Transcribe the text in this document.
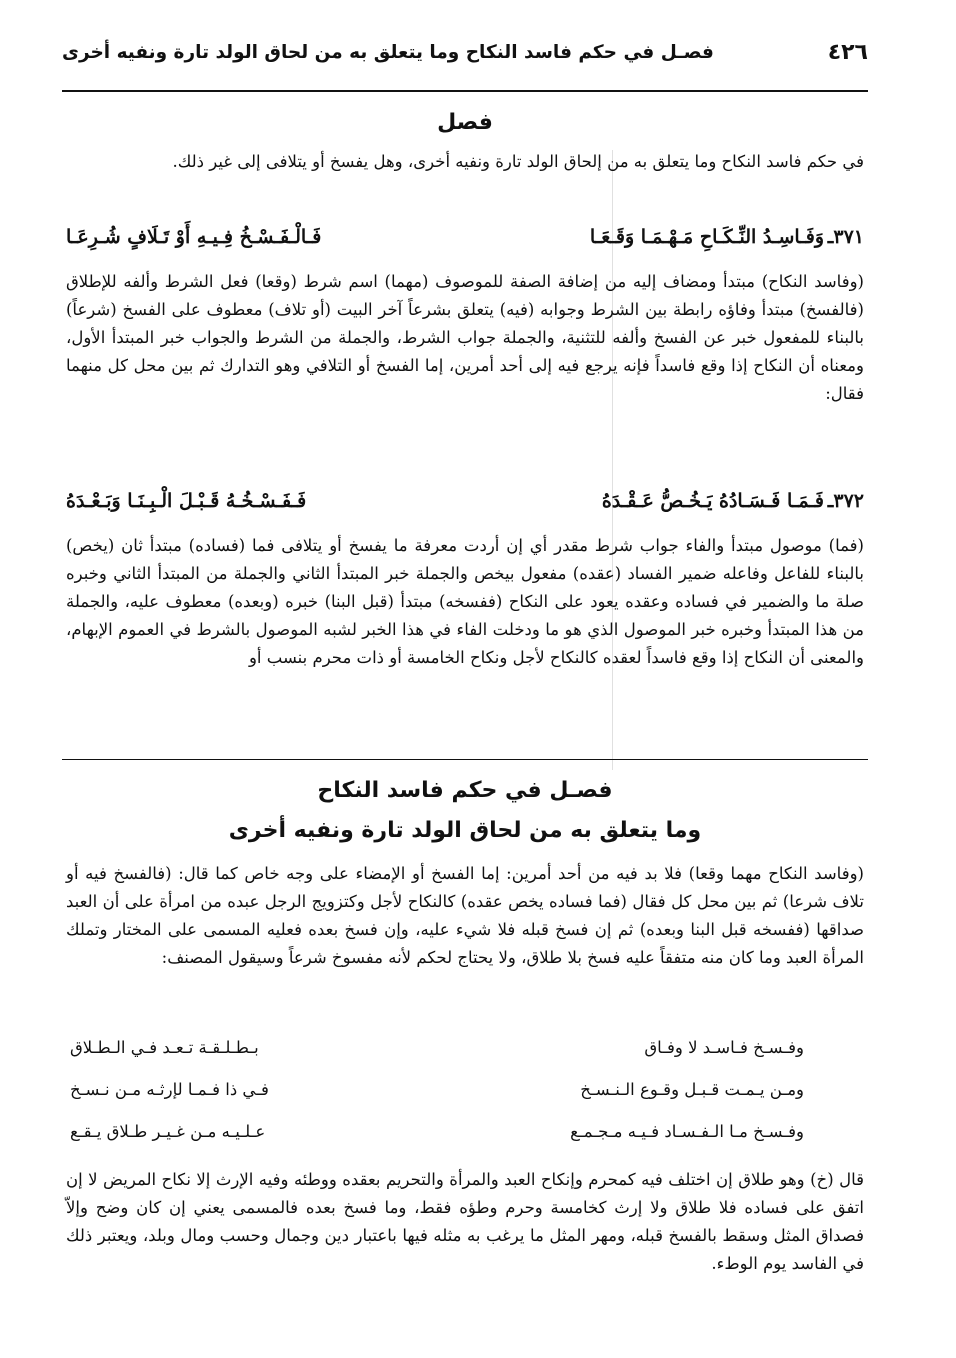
٤٢٦
فصـل في حكم فاسد النكاح وما يتعلق به من لحاق الولد تارة ونفيه أخرى
فصل
في حكم فاسد النكاح وما يتعلق به من إلحاق الولد تارة ونفيه أخرى، وهل يفسخ أو يتلافى إلى غير ذلك.
٣٧١ـ
وَفَـاسِـدُ النِّـكَـاحِ مَـهْـمَـا وَقَـعَـا
فَـالْـفَـسْـخُ فِـيـهِ أَوْ تَـلَافٍ شُـرِعَـا
(وفاسد النكاح) مبتدأ ومضاف إليه من إضافة الصفة للموصوف (مهما) اسم شرط (وقعا) فعل الشرط وألفه للإطلاق (فالفسخ) مبتدأ وفاؤه رابطة بين الشرط وجوابه (فيه) يتعلق بشرعاً آخر البيت (أو تلاف) معطوف على الفسخ (شرعاً) بالبناء للمفعول خبر عن الفسخ وألفه للتثنية، والجملة جواب الشرط، والجملة من الشرط والجواب خبر المبتدأ الأول، ومعناه أن النكاح إذا وقع فاسداً فإنه يرجع فيه إلى أحد أمرين، إما الفسخ أو التلافي وهو التدارك ثم بين محل كل منهما فقال:
٣٧٢ـ
فَـمَـا فَـسَـادُهُ يَـخُـصُّ عَـقْـدَهُ
فَـفَـسْـخُـهُ قَـبْـلَ الْـبِـنَـا وَبَـعْـدَهُ
(فما) موصول مبتدأ والفاء جواب شرط مقدر أي إن أردت معرفة ما يفسخ أو يتلافى فما (فساده) مبتدأ ثان (يخص) بالبناء للفاعل وفاعله ضمير الفساد (عقده) مفعول بيخص والجملة خبر المبتدأ الثاني والجملة من المبتدأ الثاني وخبره صلة ما والضمير في فساده وعقده يعود على النكاح (ففسخه) مبتدأ (قبل البنا) خبره (وبعده) معطوف عليه، والجملة من هذا المبتدأ وخبره خبر الموصول الذي هو ما ودخلت الفاء في هذا الخبر لشبه الموصول بالشرط في العموم الإبهام، والمعنى أن النكاح إذا وقع فاسداً لعقده كالنكاح لأجل ونكاح الخامسة أو ذات محرم بنسب أو
فصـل في حكم فاسد النكاح
وما يتعلق به من لحاق الولد تارة ونفيه أخرى
(وفاسد النكاح مهما وقعا) فلا بد فيه من أحد أمرين: إما الفسخ أو الإمضاء على وجه خاص كما قال: (فالفسخ فيه أو تلاف شرعا) ثم بين محل كل فقال (فما فساده يخص عقده) كالنكاح لأجل وكتزويج الرجل عبده من امرأة على أن العبد صداقها (ففسخه قبل البنا وبعده) ثم إن فسخ قبله فلا شيء عليه، وإن فسخ بعده فعليه المسمى على المختار وتملك المرأة العبد وما كان منه متفقاً عليه فسخ بلا طلاق، ولا يحتاج لحكم لأنه مفسوخ شرعاً وسيقول المصنف:
وفـسـخ فـاسـد لا وفـاق
بـطـلـقـة تـعـد فـي الـطـلاق
ومـن يـمـت قـبـل وقـوع الـنـسـخ
فـي ذا فـمـا لإرثـه مـن نـسـخ
وفـسـخ مـا الـفـسـاد فـيـه مـجـمـع
عـلـيـه مـن غـيـر طـلاق يـقـع
قال (خ) وهو طلاق إن اختلف فيه كمحرم وإنكاح العبد والمرأة والتحريم بعقده ووطئه وفيه الإرث إلا نكاح المريض لا إن اتفق على فساده فلا طلاق ولا إرث كخامسة وحرم وطؤه فقط، وما فسخ بعده فالمسمى يعني إن كان وضح وإلاّ فصداق المثل وسقط بالفسخ قبله، ومهر المثل ما يرغب به مثله فيها باعتبار دين وجمال وحسب ومال وبلد، ويعتبر ذلك في الفاسد يوم الوطء.
